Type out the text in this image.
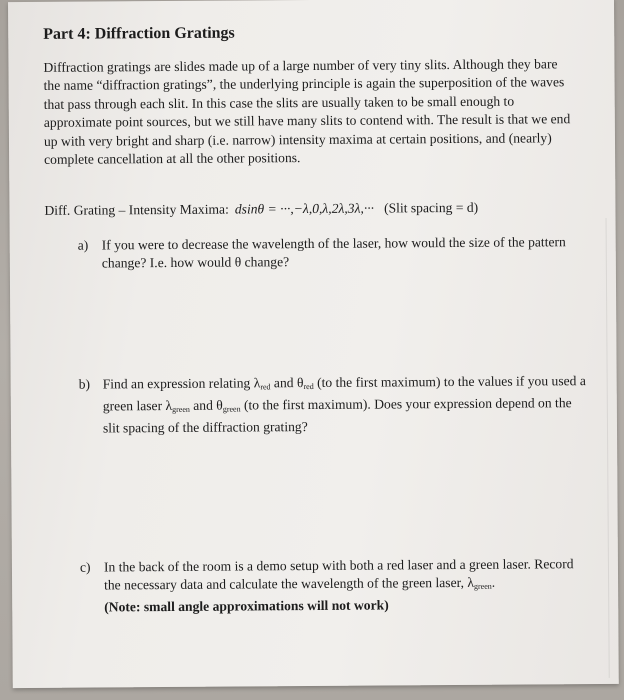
Part 4: Diffraction Gratings

Diffraction gratings are slides made up of a large number of very tiny slits. Although they bare the name “diffraction gratings”, the underlying principle is again the superposition of the waves that pass through each slit. In this case the slits are usually taken to be small enough to approximate point sources, but we still have many slits to contend with. The result is that we end up with very bright and sharp (i.e. narrow) intensity maxima at certain positions, and (nearly) complete cancellation at all the other positions.

Diff. Grating – Intensity Maxima: dsinθ = ···,−λ,0,λ,2λ,3λ,··· (Slit spacing = d)
a) If you were to decrease the wavelength of the laser, how would the size of the pattern change? I.e. how would θ change?
b) Find an expression relating $\lambda_{red}$ and $\theta_{red}$ (to the first maximum) to the values if you used a green laser $\lambda_{green}$ and $\theta_{green}$ (to the first maximum). Does your expression depend on the slit spacing of the diffraction grating?
c) In the back of the room is a demo setup with both a red laser and a green laser. Record the necessary data and calculate the wavelength of the green laser, $\lambda_{green}$.
(Note: small angle approximations will not work)
